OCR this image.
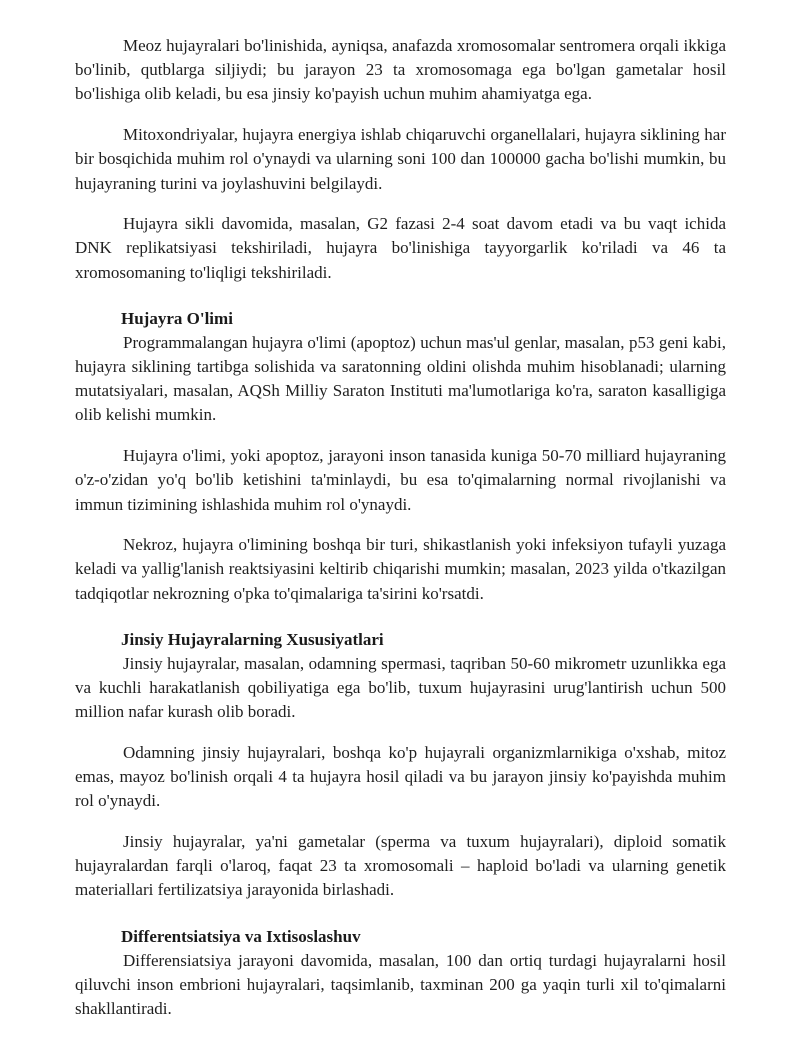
Meoz hujayralari bo'linishida, ayniqsa, anafazda xromosomalar sentromera orqali ikkiga bo'linib, qutblarga siljiydi; bu jarayon 23 ta xromosomaga ega bo'lgan gametalar hosil bo'lishiga olib keladi, bu esa jinsiy ko'payish uchun muhim ahamiyatga ega.

Mitoxondriyalar, hujayra energiya ishlab chiqaruvchi organellalari, hujayra siklining har bir bosqichida muhim rol o'ynaydi va ularning soni 100 dan 100000 gacha bo'lishi mumkin, bu hujayraning turini va joylashuvini belgilaydi.

Hujayra sikli davomida, masalan, G2 fazasi 2-4 soat davom etadi va bu vaqt ichida DNK replikatsiyasi tekshiriladi, hujayra bo'linishiga tayyorgarlik ko'riladi va 46 ta xromosomaning to'liqligi tekshiriladi.

Hujayra O'limi

Programmalangan hujayra o'limi (apoptoz) uchun mas'ul genlar, masalan, p53 geni kabi, hujayra siklining tartibga solishida va saratonning oldini olishda muhim hisoblanadi; ularning mutatsiyalari, masalan, AQSh Milliy Saraton Instituti ma'lumotlariga ko'ra, saraton kasalligiga olib kelishi mumkin.

Hujayra o'limi, yoki apoptoz, jarayoni inson tanasida kuniga 50-70 milliard hujayraning o'z-o'zidan yo'q bo'lib ketishini ta'minlaydi, bu esa to'qimalarning normal rivojlanishi va immun tizimining ishlashida muhim rol o'ynaydi.

Nekroz, hujayra o'limining boshqa bir turi, shikastlanish yoki infeksiyon tufayli yuzaga keladi va yallig'lanish reaktsiyasini keltirib chiqarishi mumkin; masalan, 2023 yilda o'tkazilgan tadqiqotlar nekrozning o'pka to'qimalariga ta'sirini ko'rsatdi.

Jinsiy Hujayralarning Xususiyatlari

Jinsiy hujayralar, masalan, odamning spermasi, taqriban 50-60 mikrometr uzunlikka ega va kuchli harakatlanish qobiliyatiga ega bo'lib, tuxum hujayrasini urug'lantirish uchun 500 million nafar kurash olib boradi.

Odamning jinsiy hujayralari, boshqa ko'p hujayrali organizmlarnikiga o'xshab, mitoz emas, mayoz bo'linish orqali 4 ta hujayra hosil qiladi va bu jarayon jinsiy ko'payishda muhim rol o'ynaydi.

Jinsiy hujayralar, ya'ni gametalar (sperma va tuxum hujayralari), diploid somatik hujayralardan farqli o'laroq, faqat 23 ta xromosomali – haploid bo'ladi va ularning genetik materiallari fertilizatsiya jarayonida birlashadi.

Differentsiatsiya va Ixtisoslashuv

Differensiatsiya jarayoni davomida, masalan, 100 dan ortiq turdagi hujayralarni hosil qiluvchi inson embrioni hujayralari, taqsimlanib, taxminan 200 ga yaqin turli xil to'qimalarni shakllantiradi.
